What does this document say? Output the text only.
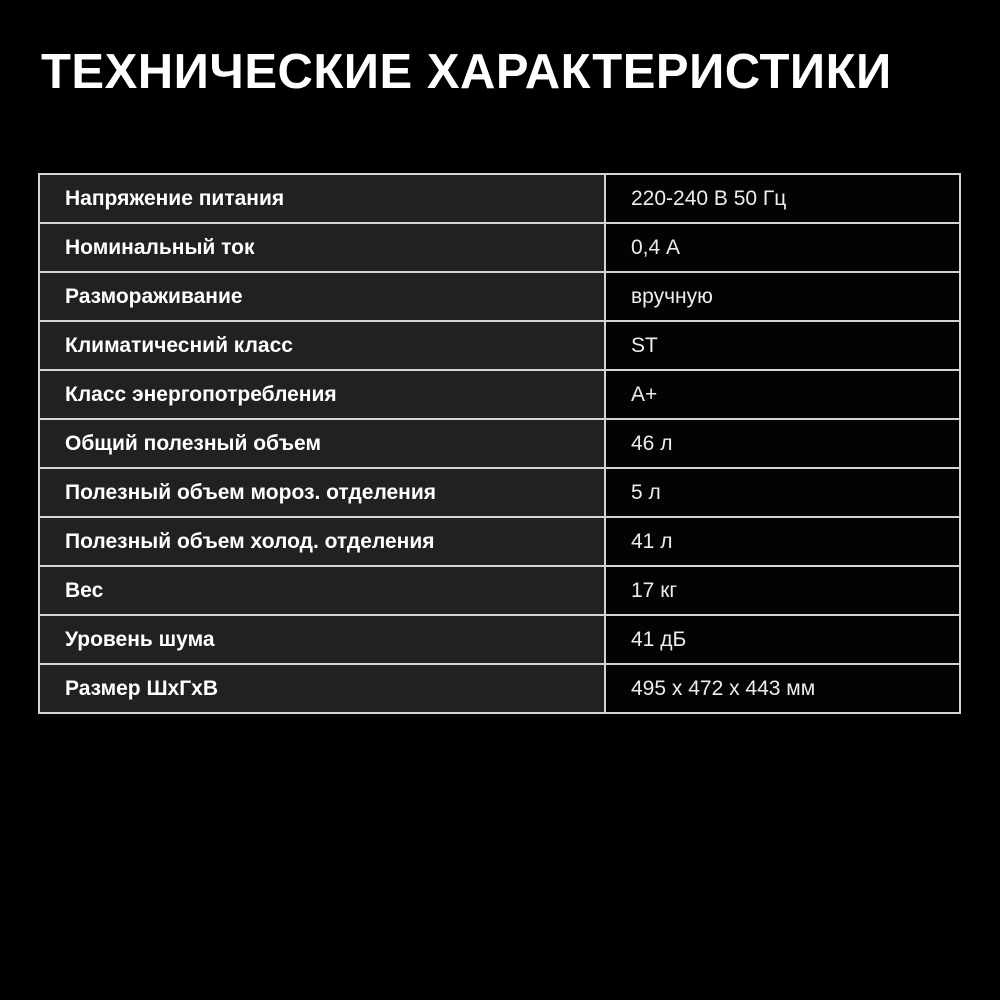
ТЕХНИЧЕСКИЕ ХАРАКТЕРИСТИКИ
Напряжение питания	220-240 В 50 Гц
Номинальный ток	0,4 А
Размораживание	вручную
Климатичесний класс	ST
Класс энергопотребления	А+
Общий полезный объем	46 л
Полезный объем мороз. отделения	5 л
Полезный объем холод. отделения	41 л
Вес	17 кг
Уровень шума	41 дБ
Размер ШхГхВ	495 х 472 х 443 мм
